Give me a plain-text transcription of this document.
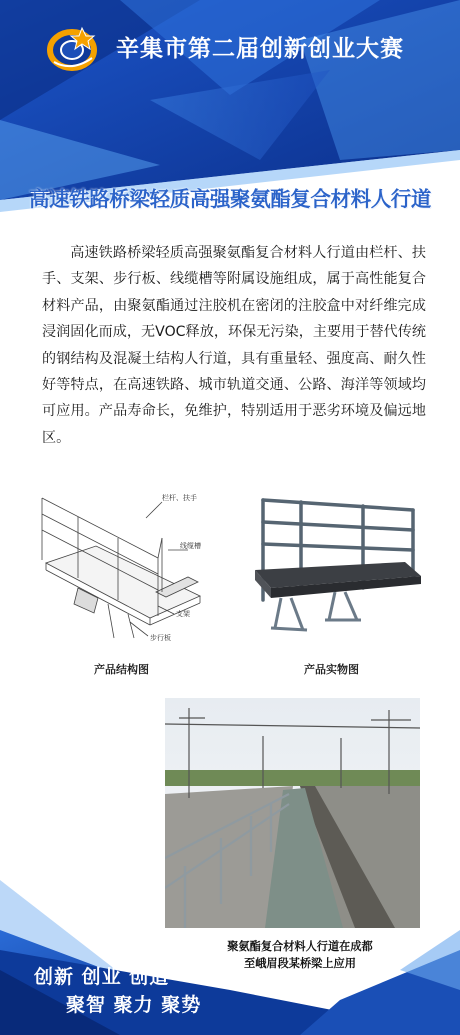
辛集市第二届创新创业大赛
高速铁路桥梁轻质高强聚氨酯复合材料人行道
高速铁路桥梁轻质高强聚氨酯复合材料人行道由栏杆、扶手、支架、步行板、线缆槽等附属设施组成，属于高性能复合材料产品，由聚氨酯通过注胶机在密闭的注胶盒中对纤维完成浸润固化而成，无VOC释放，环保无污染，主要用于替代传统的钢结构及混凝土结构人行道，具有重量轻、强度高、耐久性好等特点，在高速铁路、城市轨道交通、公路、海洋等领域均可应用。产品寿命长，免维护，特别适用于恶劣环境及偏远地区。
栏杆、扶手
线缆槽
支架
步行板
产品结构图	产品实物图
聚氨酯复合材料人行道在成都
至峨眉段某桥梁上应用
创新 创业 创造
聚智 聚力 聚势
